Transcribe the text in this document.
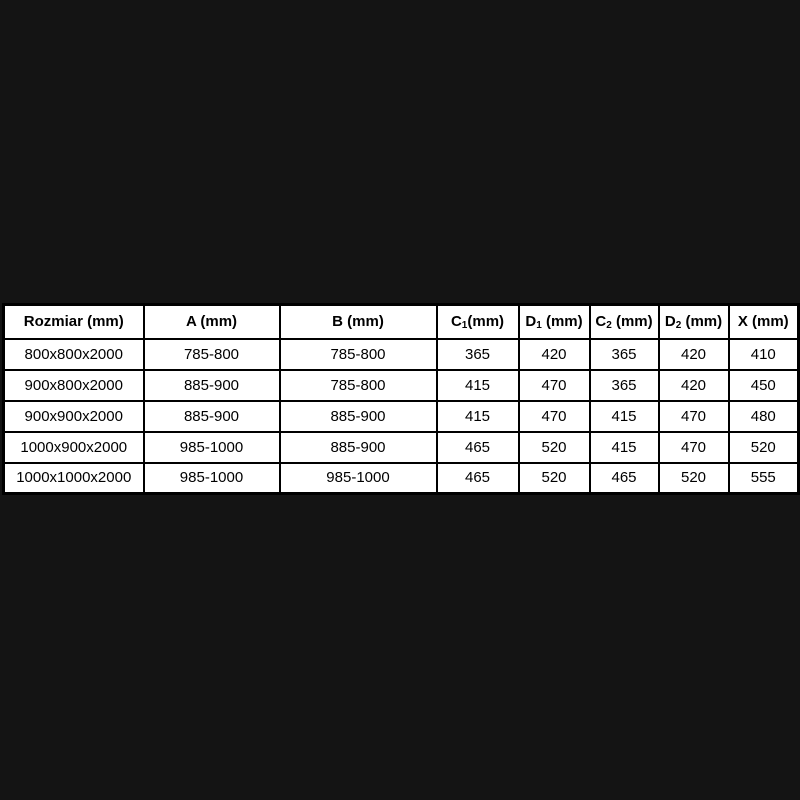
Rozmiar (mm)	A (mm)	B (mm)	C1(mm)	D1 (mm)	C2 (mm)	D2 (mm)	X (mm)
800x800x2000	785-800	785-800	365	420	365	420	410
900x800x2000	885-900	785-800	415	470	365	420	450
900x900x2000	885-900	885-900	415	470	415	470	480
1000x900x2000	985-1000	885-900	465	520	415	470	520
1000x1000x2000	985-1000	985-1000	465	520	465	520	555
